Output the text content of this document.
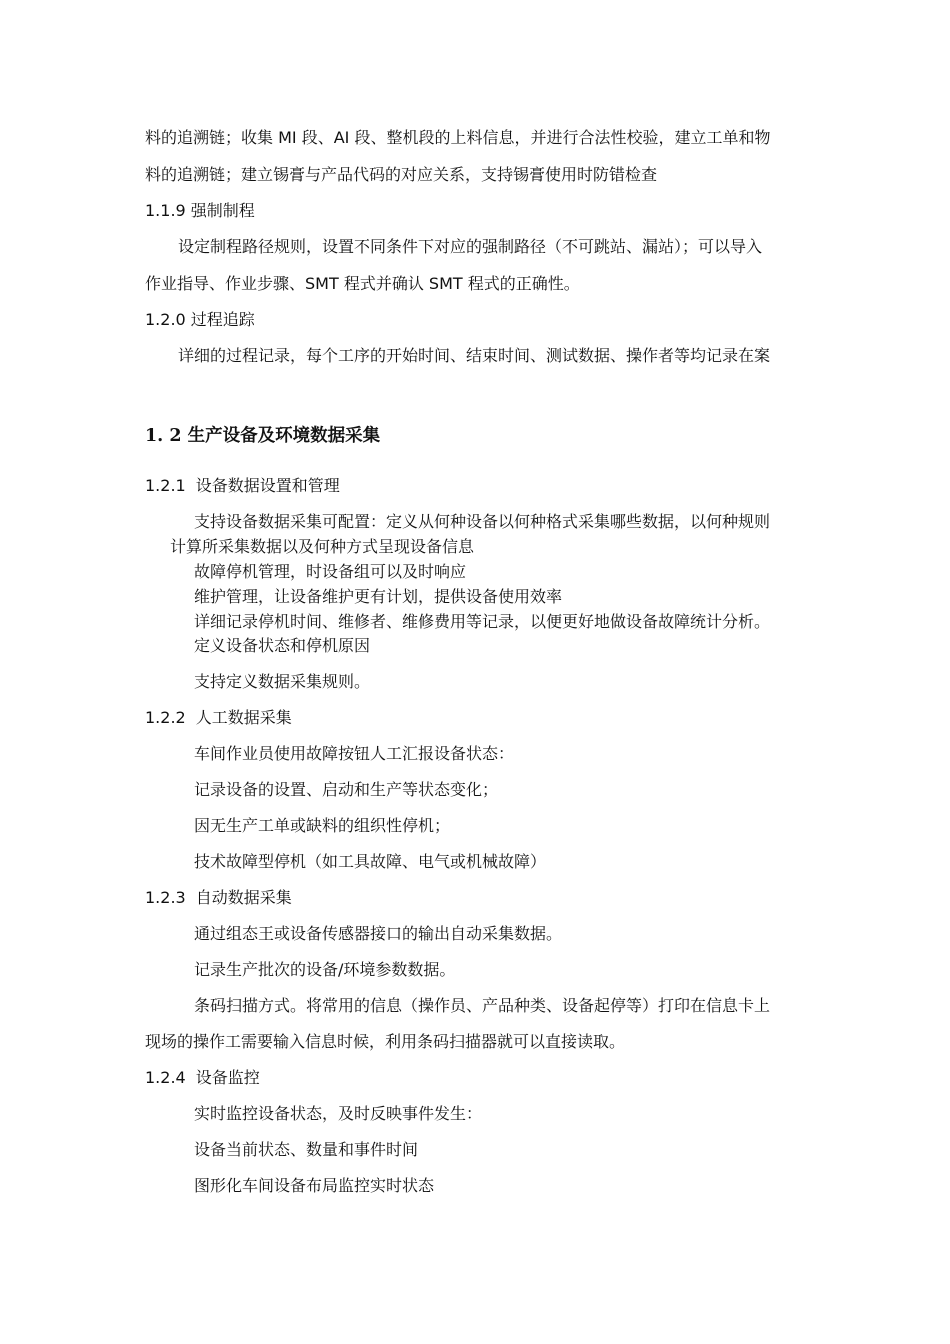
料的追溯链；收集 MI 段、AI 段、整机段的上料信息，并进行合法性校验，建立工单和物
料的追溯链；建立锡膏与产品代码的对应关系，支持锡膏使用时防错检查
1.1.9 强制制程
设定制程路径规则，设置不同条件下对应的强制路径（不可跳站、漏站）；可以导入
作业指导、作业步骤、SMT 程式并确认 SMT 程式的正确性。
1.2.0 过程追踪
详细的过程记录，每个工序的开始时间、结束时间、测试数据、操作者等均记录在案
1. 2 生产设备及环境数据采集
1.2.1 设备数据设置和管理
支持设备数据采集可配置：定义从何种设备以何种格式采集哪些数据，以何种规则
计算所采集数据以及何种方式呈现设备信息
故障停机管理，时设备组可以及时响应
维护管理，让设备维护更有计划，提供设备使用效率
详细记录停机时间、维修者、维修费用等记录，以便更好地做设备故障统计分析。
定义设备状态和停机原因
支持定义数据采集规则。
1.2.2 人工数据采集
车间作业员使用故障按钮人工汇报设备状态：
记录设备的设置、启动和生产等状态变化；
因无生产工单或缺料的组织性停机；
技术故障型停机（如工具故障、电气或机械故障）
1.2.3 自动数据采集
通过组态王或设备传感器接口的输出自动采集数据。
记录生产批次的设备/环境参数数据。
条码扫描方式。将常用的信息（操作员、产品种类、设备起停等）打印在信息卡上
现场的操作工需要输入信息时候，利用条码扫描器就可以直接读取。
1.2.4 设备监控
实时监控设备状态，及时反映事件发生：
设备当前状态、数量和事件时间
图形化车间设备布局监控实时状态
